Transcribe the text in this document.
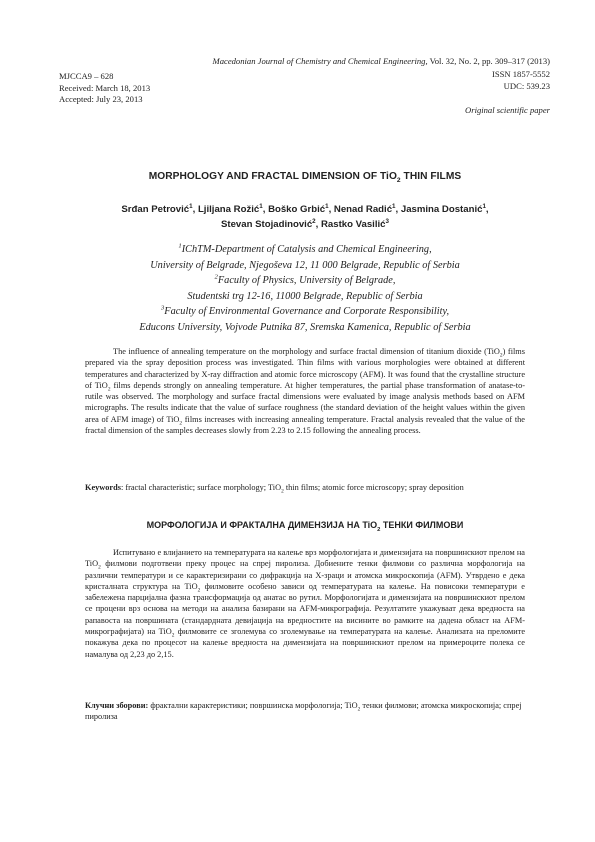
Macedonian Journal of Chemistry and Chemical Engineering, Vol. 32, No. 2, pp. 309–317 (2013)
MJCCA9 – 628
Received: March 18, 2013
Accepted: July 23, 2013
ISSN 1857-5552
UDC: 539.23
Original scientific paper
MORPHOLOGY AND FRACTAL DIMENSION OF TiO$_2$ THIN FILMS
Srđan Petrović$^1$, Ljiljana Rožić$^1$, Boško Grbić$^1$, Nenad Radić$^1$, Jasmina Dostanić$^1$,
Stevan Stojadinović$^2$, Rastko Vasilić$^3$
$^1$IChTM-Department of Catalysis and Chemical Engineering,
University of Belgrade, Njegoševa 12, 11 000 Belgrade, Republic of Serbia
$^2$Faculty of Physics, University of Belgrade,
Studentski trg 12-16, 11000 Belgrade, Republic of Serbia
$^3$Faculty of Environmental Governance and Corporate Responsibility,
Educons University, Vojvode Putnika 87, Sremska Kamenica, Republic of Serbia

The influence of annealing temperature on the morphology and surface fractal dimension of titanium dioxide (TiO$_2$) films prepared via the spray deposition process was investigated. Thin films with various morphologies were obtained at different temperatures and characterized by X-ray diffraction and atomic force microscopy (AFM). It was found that the crystalline structure of TiO$_2$ films depends strongly on annealing temperature. At higher temperatures, the partial phase transformation of anatase-to-rutile was observed. The morphology and surface fractal dimensions were evaluated by image analysis methods based on AFM micrographs. The results indicate that the value of surface roughness (the standard deviation of the height values within the given area of AFM image) of TiO$_2$ films increases with increasing annealing temperature. Fractal analysis revealed that the value of the fractal dimension of the samples decreases slowly from 2.23 to 2.15 following the annealing process.

Keywords: fractal characteristic; surface morphology; TiO$_2$ thin films; atomic force microscopy; spray deposition
МОРФОЛОГИЈА И ФРАКТАЛНА ДИМЕНЗИЈА НА TiO$_2$ ТЕНКИ ФИЛМОВИ

Испитувано е влијанието на температурата на калење врз морфологијата и димензијата на површинскиот прелом на TiO$_2$ филмови подготвени преку процес на спреј пиролиза. Добиените тенки филмови со различна морфологија на различни температури и се карактеризирани со дифракција на X-зраци и атомска микроскопија (AFM). Утврдено е дека кристалната структура на TiO$_2$ филмовите особено зависи од температурата на калење. На повисоки температури е забележена парцијална фазна трансформација од анатас во рутил. Морфологијата и димензијата на површинскиот прелом се процени врз основа на методи на анализа базирани на AFM-микрографија. Резултатите укажуваат дека вредноста на рапавоста на површината (стандардната девијација на вредностите на висините во рамките на дадена област на AFM-микрографијата) на TiO$_2$ филмовите се зголемува со зголемување на температурата на калење. Анализата на преломите покажува дека по процесот на калење вредноста на димензијата на површинскиот прелом на примероците полека се намалува од 2,23 до 2,15.

Клучни зборови: фрактални карактеристики; површинска морфологија; TiO$_2$ тенки филмови; атомска микроскопија; спреј пиролиза
